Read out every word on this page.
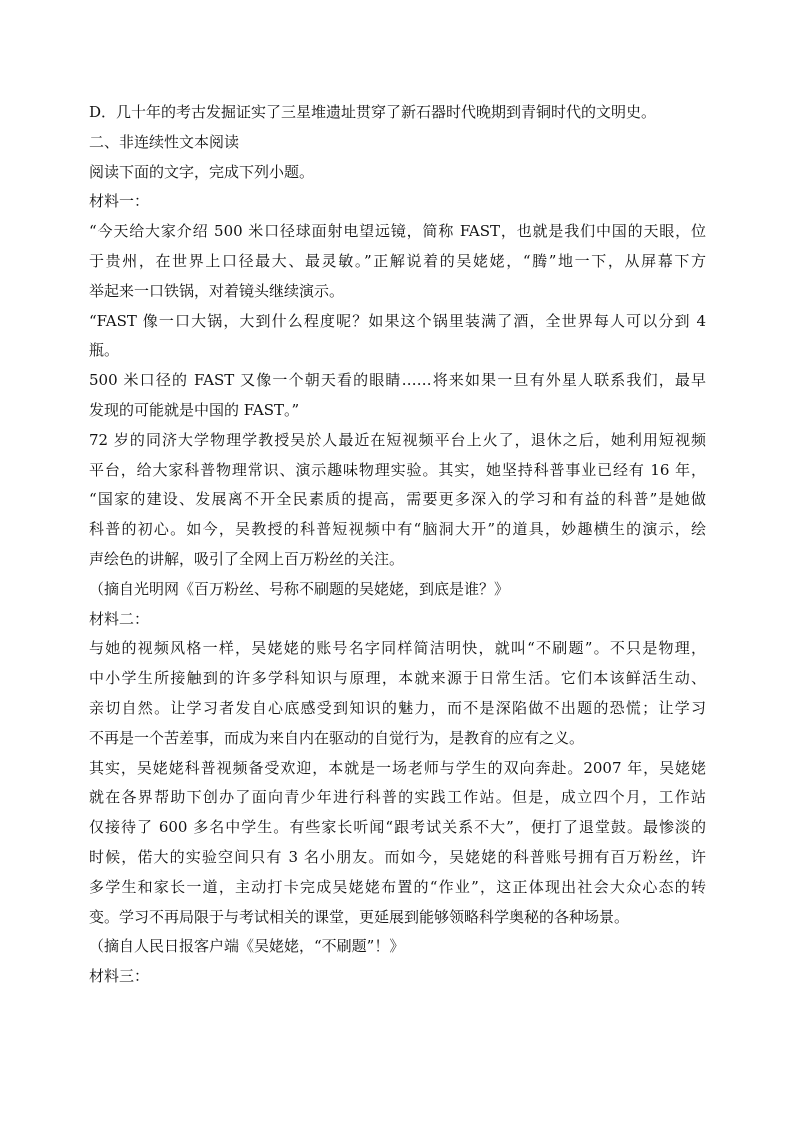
D．几十年的考古发掘证实了三星堆遗址贯穿了新石器时代晚期到青铜时代的文明史。

二、非连续性文本阅读

阅读下面的文字，完成下列小题。

材料一：

“今天给大家介绍 500 米口径球面射电望远镜，简称 FAST，也就是我们中国的天眼，位

于贵州，在世界上口径最大、最灵敏。”正解说着的吴姥姥，“腾”地一下，从屏幕下方

举起来一口铁锅，对着镜头继续演示。

“FAST 像一口大锅，大到什么程度呢？如果这个锅里装满了酒，全世界每人可以分到 4

瓶。

500 米口径的 FAST 又像一个朝天看的眼睛……将来如果一旦有外星人联系我们，最早

发现的可能就是中国的 FAST。”

72 岁的同济大学物理学教授吴於人最近在短视频平台上火了，退休之后，她利用短视频

平台，给大家科普物理常识、演示趣味物理实验。其实，她坚持科普事业已经有 16 年，

“国家的建设、发展离不开全民素质的提高，需要更多深入的学习和有益的科普”是她做

科普的初心。如今，吴教授的科普短视频中有“脑洞大开”的道具，妙趣横生的演示，绘

声绘色的讲解，吸引了全网上百万粉丝的关注。

（摘自光明网《百万粉丝、号称不刷题的吴姥姥，到底是谁？》

材料二：

与她的视频风格一样，吴姥姥的账号名字同样简洁明快，就叫“不刷题”。不只是物理，

中小学生所接触到的许多学科知识与原理，本就来源于日常生活。它们本该鲜活生动、

亲切自然。让学习者发自心底感受到知识的魅力，而不是深陷做不出题的恐慌；让学习

不再是一个苦差事，而成为来自内在驱动的自觉行为，是教育的应有之义。

其实，吴姥姥科普视频备受欢迎，本就是一场老师与学生的双向奔赴。2007 年，吴姥姥

就在各界帮助下创办了面向青少年进行科普的实践工作站。但是，成立四个月，工作站

仅接待了 600 多名中学生。有些家长听闻“跟考试关系不大”，便打了退堂鼓。最惨淡的

时候，偌大的实验空间只有 3 名小朋友。而如今，吴姥姥的科普账号拥有百万粉丝，许

多学生和家长一道，主动打卡完成吴姥姥布置的“作业”，这正体现出社会大众心态的转

变。学习不再局限于与考试相关的课堂，更延展到能够领略科学奥秘的各种场景。

（摘自人民日报客户端《吴姥姥，“不刷题”！》

材料三：
